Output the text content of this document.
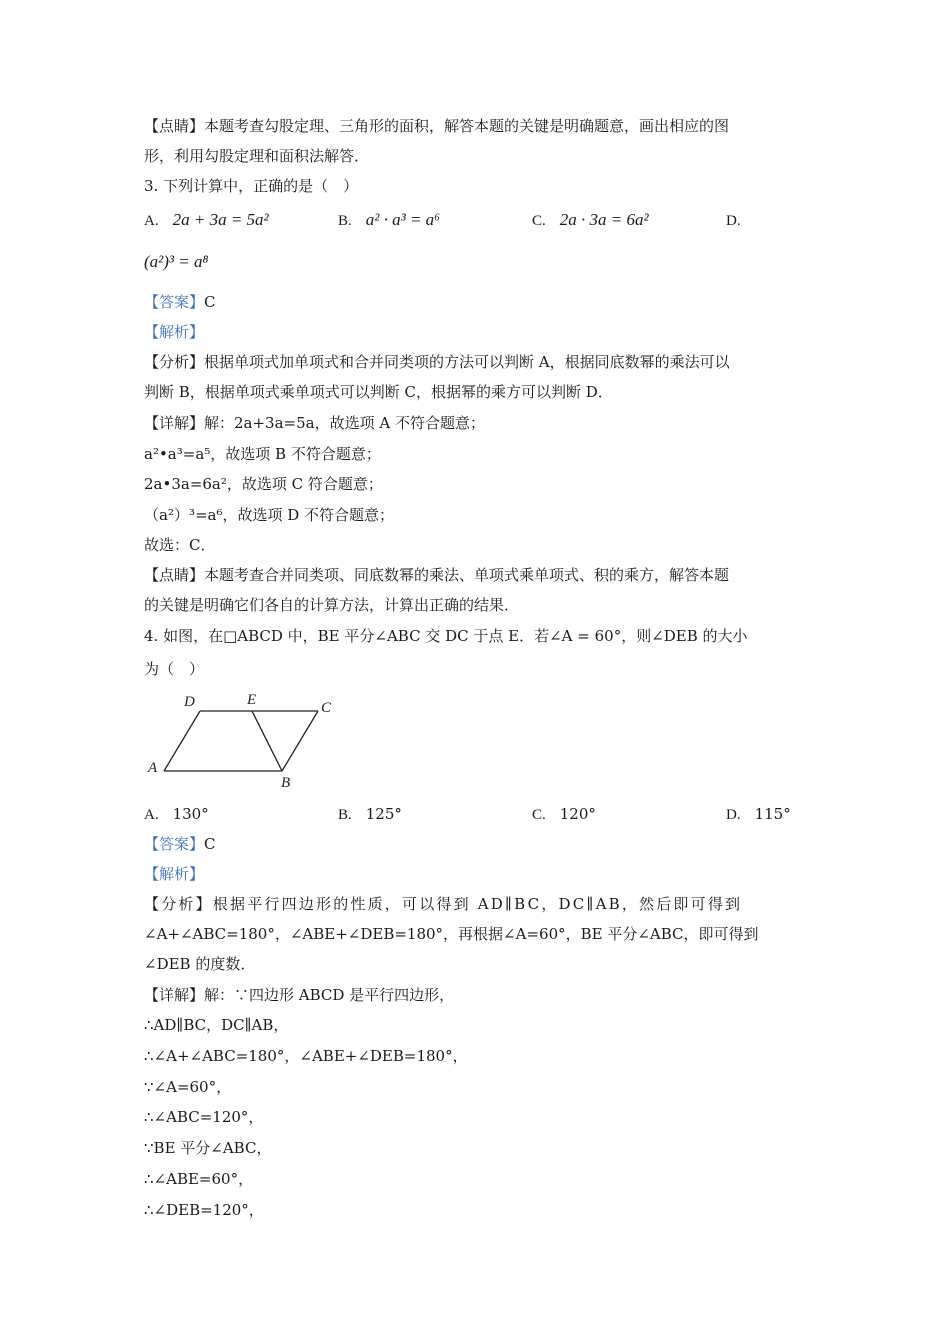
【点睛】本题考查勾股定理、三角形的面积，解答本题的关键是明确题意，画出相应的图
形，利用勾股定理和面积法解答．
3. 下列计算中，正确的是（　）
A. 2a + 3a = 5a²	B. a² · a³ = a⁶	C. 2a · 3a = 6a²	D.
(a²)³ = a⁸
【答案】C
【解析】
【分析】根据单项式加单项式和合并同类项的方法可以判断 A，根据同底数幂的乘法可以
判断 B，根据单项式乘单项式可以判断 C，根据幂的乘方可以判断 D．
【详解】解：2a+3a=5a，故选项 A 不符合题意；
a²•a³=a⁵，故选项 B 不符合题意；
2a•3a=6a²，故选项 C 符合题意；
（a²）³=a⁶，故选项 D 不符合题意；
故选：C．
【点睛】本题考查合并同类项、同底数幂的乘法、单项式乘单项式、积的乘方，解答本题
的关键是明确它们各自的计算方法，计算出正确的结果．
4. 如图，在□ABCD 中，BE 平分∠ABC 交 DC 于点 E．若∠A = 60°，则∠DEB 的大小
为（　）
D	E	C
A
B
A. 130°	B. 125°	C. 120°	D. 115°
【答案】C
【解析】
【分析】根据平行四边形的性质，可以得到 AD∥BC，DC∥AB，然后即可得到
∠A+∠ABC=180°，∠ABE+∠DEB=180°，再根据∠A=60°，BE 平分∠ABC，即可得到
∠DEB 的度数．
【详解】解：∵四边形 ABCD 是平行四边形，
∴AD∥BC，DC∥AB，
∴∠A+∠ABC=180°，∠ABE+∠DEB=180°，
∵∠A=60°，
∴∠ABC=120°，
∵BE 平分∠ABC，
∴∠ABE=60°，
∴∠DEB=120°，
